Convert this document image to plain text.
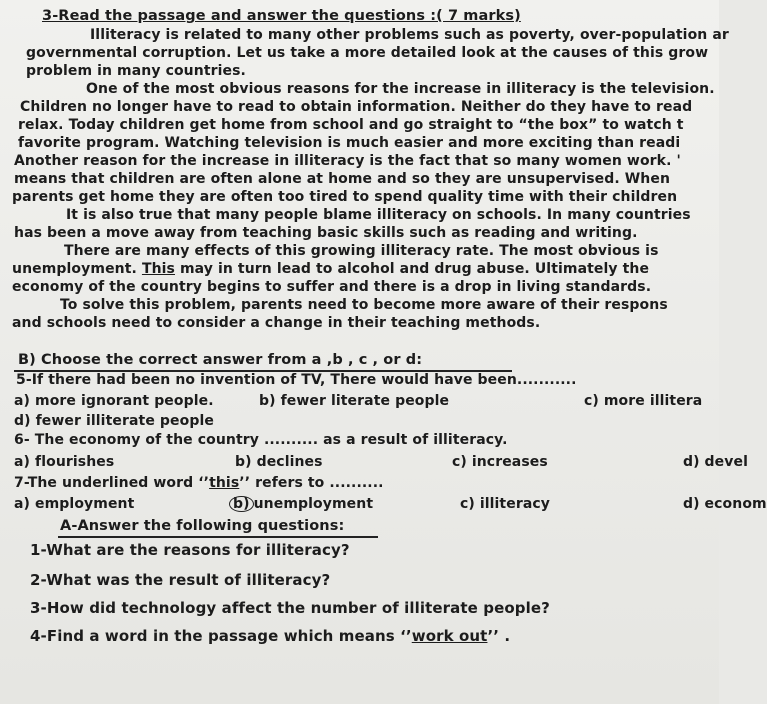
3-Read the passage and answer the questions :( 7 marks)
Illiteracy is related to many other problems such as poverty, over-population ar
governmental corruption. Let us take a more detailed look at the causes of this grow
problem in many countries.
One of the most obvious reasons for the increase in illiteracy is the television.
Children no longer have to read to obtain information. Neither do they have to read
relax. Today children get home from school and go straight to “the box” to watch t
favorite program. Watching television is much easier and more exciting than readi
Another reason for the increase in illiteracy is the fact that so many women work. '
means that children are often alone at home and so they are unsupervised. When
parents get home they are often too tired to spend quality time with their children
It is also true that many people blame illiteracy on schools. In many countries
has been a move away from teaching basic skills such as reading and writing.
There are many effects of this growing illiteracy rate. The most obvious is
unemployment. This may in turn lead to alcohol and drug abuse. Ultimately the
economy of the country begins to suffer and there is a drop in living standards.
To solve this problem, parents need to become more aware of their respons
and schools need to consider a change in their teaching methods.
B) Choose the correct answer from a ,b , c , or d:
5-If there had been no invention of TV, There would have been...........
a) more ignorant people.	b) fewer literate people	c) more illitera
d) fewer illiterate people
6- The economy of the country .......... as a result of illiteracy.
a) flourishes	b) declines	c) increases	d) devel
7-The underlined word ‘’this’’ refers to ..........
a) employment	b) unemployment	c) illiteracy	d) econom
A-Answer the following questions:
1-What are the reasons for illiteracy?
2-What was the result of illiteracy?
3-How did technology affect the number of illiterate people?
4-Find a word in the passage which means ‘’work out’’ .
